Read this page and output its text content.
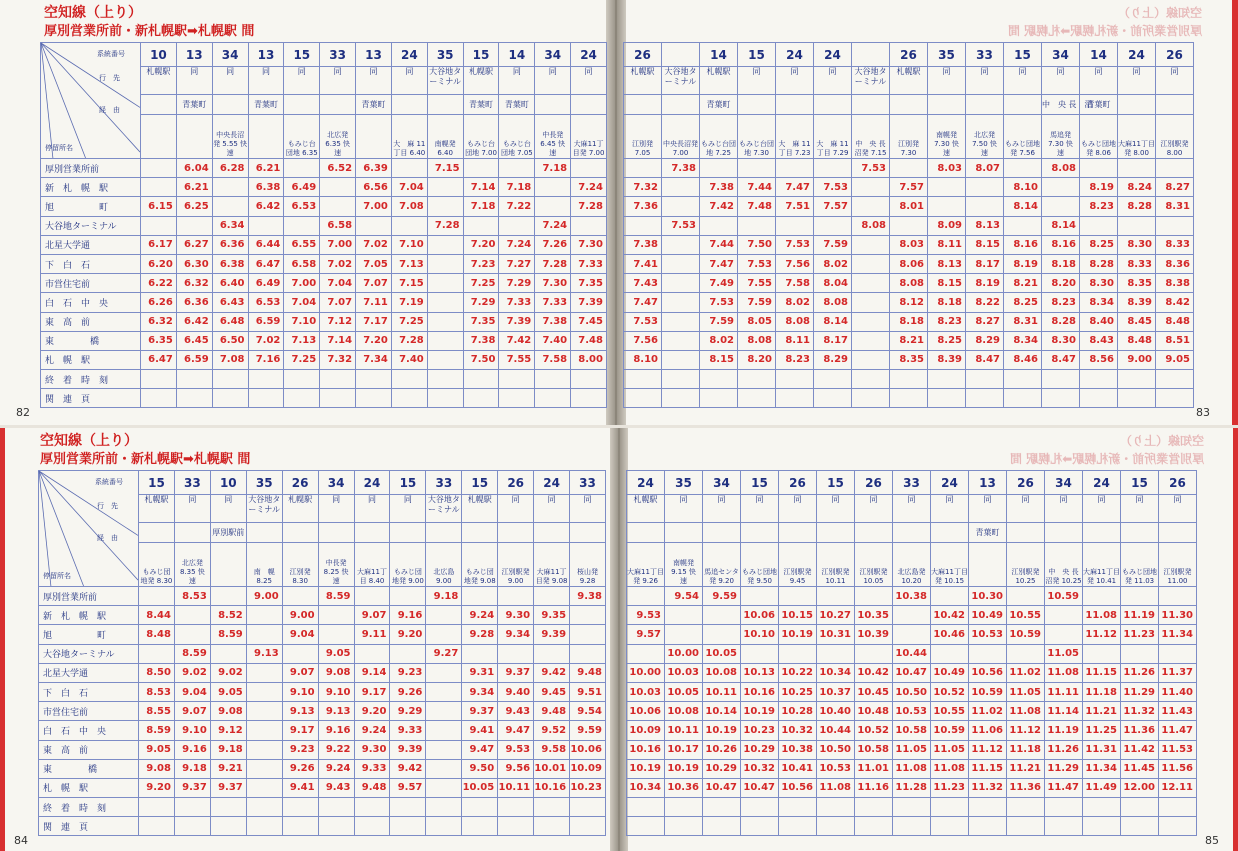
空知線（上り）
厚別営業所前・新札幌駅➡札幌駅 間
空知線（上り）
厚別営業所前・新札幌駅➡札幌駅 間
空知線（上り）
厚別営業所前・新札幌駅➡札幌駅 間
空知線（上り）
厚別営業所前・新札幌駅➡札幌駅 間
系統番号
行　先
経　由
停留所名	10	13	34	13	15	33	13	24	35	15	14	34	24
	札幌駅	同	同	同	同	同	同	同	大谷地ターミナル	札幌駅	同	同	同
		青葉町		青葉町			青葉町			青葉町	青葉町		
			中央長沼発 5.55 快　速		もみじ台団地 6.35	北広発 6.35 快　速		大　麻 11丁目 6.40	南幌発 6.40	もみじ台団地 7.00	もみじ台団地 7.05	中長発 6.45 快　速	大麻11丁目発 7.00
厚別営業所前		6.04	6.28	6.21		6.52	6.39		7.15			7.18	
新　札　幌　駅		6.21		6.38	6.49		6.56	7.04		7.14	7.18		7.24
旭　　　　　町	6.15	6.25		6.42	6.53		7.00	7.08		7.18	7.22		7.28
大谷地ターミナル			6.34			6.58			7.28			7.24	
北星大学通	6.17	6.27	6.36	6.44	6.55	7.00	7.02	7.10		7.20	7.24	7.26	7.30
下　白　石	6.20	6.30	6.38	6.47	6.58	7.02	7.05	7.13		7.23	7.27	7.28	7.33
市営住宅前	6.22	6.32	6.40	6.49	7.00	7.04	7.07	7.15		7.25	7.29	7.30	7.35
白　石　中　央	6.26	6.36	6.43	6.53	7.04	7.07	7.11	7.19		7.29	7.33	7.33	7.39
東　高　前	6.32	6.42	6.48	6.59	7.10	7.12	7.17	7.25		7.35	7.39	7.38	7.45
東　　　　橋	6.35	6.45	6.50	7.02	7.13	7.14	7.20	7.28		7.38	7.42	7.40	7.48
札　幌　駅	6.47	6.59	7.08	7.16	7.25	7.32	7.34	7.40		7.50	7.55	7.58	8.00
終　着　時　刻													
関　連　頁													
26		14	15	24	24		26	35	33	15	34	14	24	26
札幌駅	大谷地ターミナル	札幌駅	同	同	同	大谷地ターミナル	札幌駅	同	同	同	同	同	同	同
		青葉町									中　央 長　沼	青葉町		
江別発 7.05	中央長沼発 7.00	もみじ台団地 7.25	もみじ台団地 7.30	大　麻 11丁目 7.23	大　麻 11丁目 7.29	中　央 長沼発 7.15	江別発 7.30	南幌発 7.30 快　速	北広発 7.50 快　速	もみじ団地発 7.56	馬追発 7.30 快　速	もみじ団地発 8.06	大麻11丁目発 8.00	江別駅発 8.00
	7.38					7.53		8.03	8.07		8.08			
7.32		7.38	7.44	7.47	7.53		7.57			8.10		8.19	8.24	8.27
7.36		7.42	7.48	7.51	7.57		8.01			8.14		8.23	8.28	8.31
	7.53					8.08		8.09	8.13		8.14			
7.38		7.44	7.50	7.53	7.59		8.03	8.11	8.15	8.16	8.16	8.25	8.30	8.33
7.41		7.47	7.53	7.56	8.02		8.06	8.13	8.17	8.19	8.18	8.28	8.33	8.36
7.43		7.49	7.55	7.58	8.04		8.08	8.15	8.19	8.21	8.20	8.30	8.35	8.38
7.47		7.53	7.59	8.02	8.08		8.12	8.18	8.22	8.25	8.23	8.34	8.39	8.42
7.53		7.59	8.05	8.08	8.14		8.18	8.23	8.27	8.31	8.28	8.40	8.45	8.48
7.56		8.02	8.08	8.11	8.17		8.21	8.25	8.29	8.34	8.30	8.43	8.48	8.51
8.10		8.15	8.20	8.23	8.29		8.35	8.39	8.47	8.46	8.47	8.56	9.00	9.05

系統番号
行　先
経　由
停留所名	15	33	10	35	26	34	24	15	33	15	26	24	33
	札幌駅	同	同	大谷地ターミナル	札幌駅	同	同	同	大谷地ターミナル	札幌駅	同	同	同
			厚別駅前										
	もみじ団地発 8.30	北広発 8.35 快　速		南　幌 8.25	江別発 8.30	中長発 8.25 快　速	大麻11丁目 8.40	もみじ団地発 9.00	北広島 9.00	もみじ団地発 9.08	江別駅発 9.00	大麻11丁目発 9.08	桜山発 9.28
厚別営業所前		8.53		9.00		8.59			9.18				9.38
新　札　幌　駅	8.44		8.52		9.00		9.07	9.16		9.24	9.30	9.35	
旭　　　　　町	8.48		8.59		9.04		9.11	9.20		9.28	9.34	9.39	
大谷地ターミナル		8.59		9.13		9.05			9.27				
北星大学通	8.50	9.02	9.02		9.07	9.08	9.14	9.23		9.31	9.37	9.42	9.48
下　白　石	8.53	9.04	9.05		9.10	9.10	9.17	9.26		9.34	9.40	9.45	9.51
市営住宅前	8.55	9.07	9.08		9.13	9.13	9.20	9.29		9.37	9.43	9.48	9.54
白　石　中　央	8.59	9.10	9.12		9.17	9.16	9.24	9.33		9.41	9.47	9.52	9.59
東　高　前	9.05	9.16	9.18		9.23	9.22	9.30	9.39		9.47	9.53	9.58	10.06
東　　　　橋	9.08	9.18	9.21		9.26	9.24	9.33	9.42		9.50	9.56	10.01	10.09
札　幌　駅	9.20	9.37	9.37		9.41	9.43	9.48	9.57		10.05	10.11	10.16	10.23
終　着　時　刻													
関　連　頁													
24	35	34	15	26	15	26	33	24	13	26	34	24	15	26
札幌駅	同	同	同	同	同	同	同	同	同	同	同	同	同	同
									青葉町					
大麻11丁目発 9.26	南幌発 9.15 快　速	馬追センタ発 9.20	もみじ団地発 9.50	江別駅発 9.45	江別駅発 10.11	江別駅発 10.05	北広島発 10.20	大麻11丁目発 10.15		江別駅発 10.25	中　央 長沼発 10.25	大麻11丁目発 10.41	もみじ団地発 11.03	江別駅発 11.00
	9.54	9.59					10.38		10.30		10.59			
9.53			10.06	10.15	10.27	10.35		10.42	10.49	10.55		11.08	11.19	11.30
9.57			10.10	10.19	10.31	10.39		10.46	10.53	10.59		11.12	11.23	11.34
	10.00	10.05					10.44				11.05			
10.00	10.03	10.08	10.13	10.22	10.34	10.42	10.47	10.49	10.56	11.02	11.08	11.15	11.26	11.37
10.03	10.05	10.11	10.16	10.25	10.37	10.45	10.50	10.52	10.59	11.05	11.11	11.18	11.29	11.40
10.06	10.08	10.14	10.19	10.28	10.40	10.48	10.53	10.55	11.02	11.08	11.14	11.21	11.32	11.43
10.09	10.11	10.19	10.23	10.32	10.44	10.52	10.58	10.59	11.06	11.12	11.19	11.25	11.36	11.47
10.16	10.17	10.26	10.29	10.38	10.50	10.58	11.05	11.05	11.12	11.18	11.26	11.31	11.42	11.53
10.19	10.19	10.29	10.32	10.41	10.53	11.01	11.08	11.08	11.15	11.21	11.29	11.34	11.45	11.56
10.34	10.36	10.47	10.47	10.56	11.08	11.16	11.28	11.23	11.32	11.36	11.47	11.49	12.00	12.11

82	83
84	85
